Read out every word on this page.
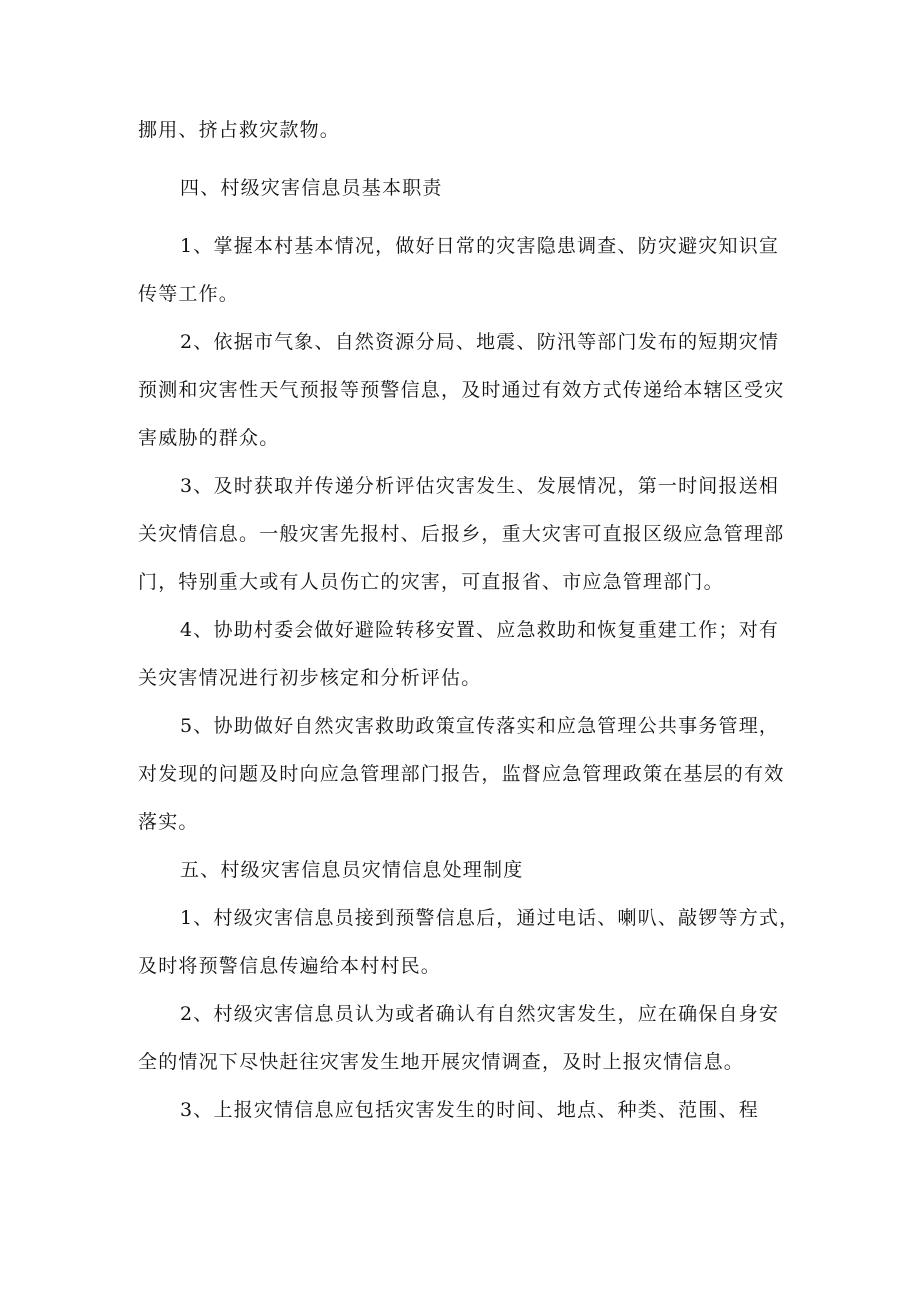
挪用、挤占救灾款物。
四、村级灾害信息员基本职责
1、掌握本村基本情况，做好日常的灾害隐患调查、防灾避灾知识宣
传等工作。
2、依据市气象、自然资源分局、地震、防汛等部门发布的短期灾情
预测和灾害性天气预报等预警信息，及时通过有效方式传递给本辖区受灾
害威胁的群众。
3、及时获取并传递分析评估灾害发生、发展情况，第一时间报送相
关灾情信息。一般灾害先报村、后报乡，重大灾害可直报区级应急管理部
门，特别重大或有人员伤亡的灾害，可直报省、市应急管理部门。
4、协助村委会做好避险转移安置、应急救助和恢复重建工作；对有
关灾害情况进行初步核定和分析评估。
5、协助做好自然灾害救助政策宣传落实和应急管理公共事务管理，
对发现的问题及时向应急管理部门报告，监督应急管理政策在基层的有效
落实。
五、村级灾害信息员灾情信息处理制度
1、村级灾害信息员接到预警信息后，通过电话、喇叭、敲锣等方式，
及时将预警信息传遍给本村村民。
2、村级灾害信息员认为或者确认有自然灾害发生，应在确保自身安
全的情况下尽快赶往灾害发生地开展灾情调查，及时上报灾情信息。
3、上报灾情信息应包括灾害发生的时间、地点、种类、范围、程
